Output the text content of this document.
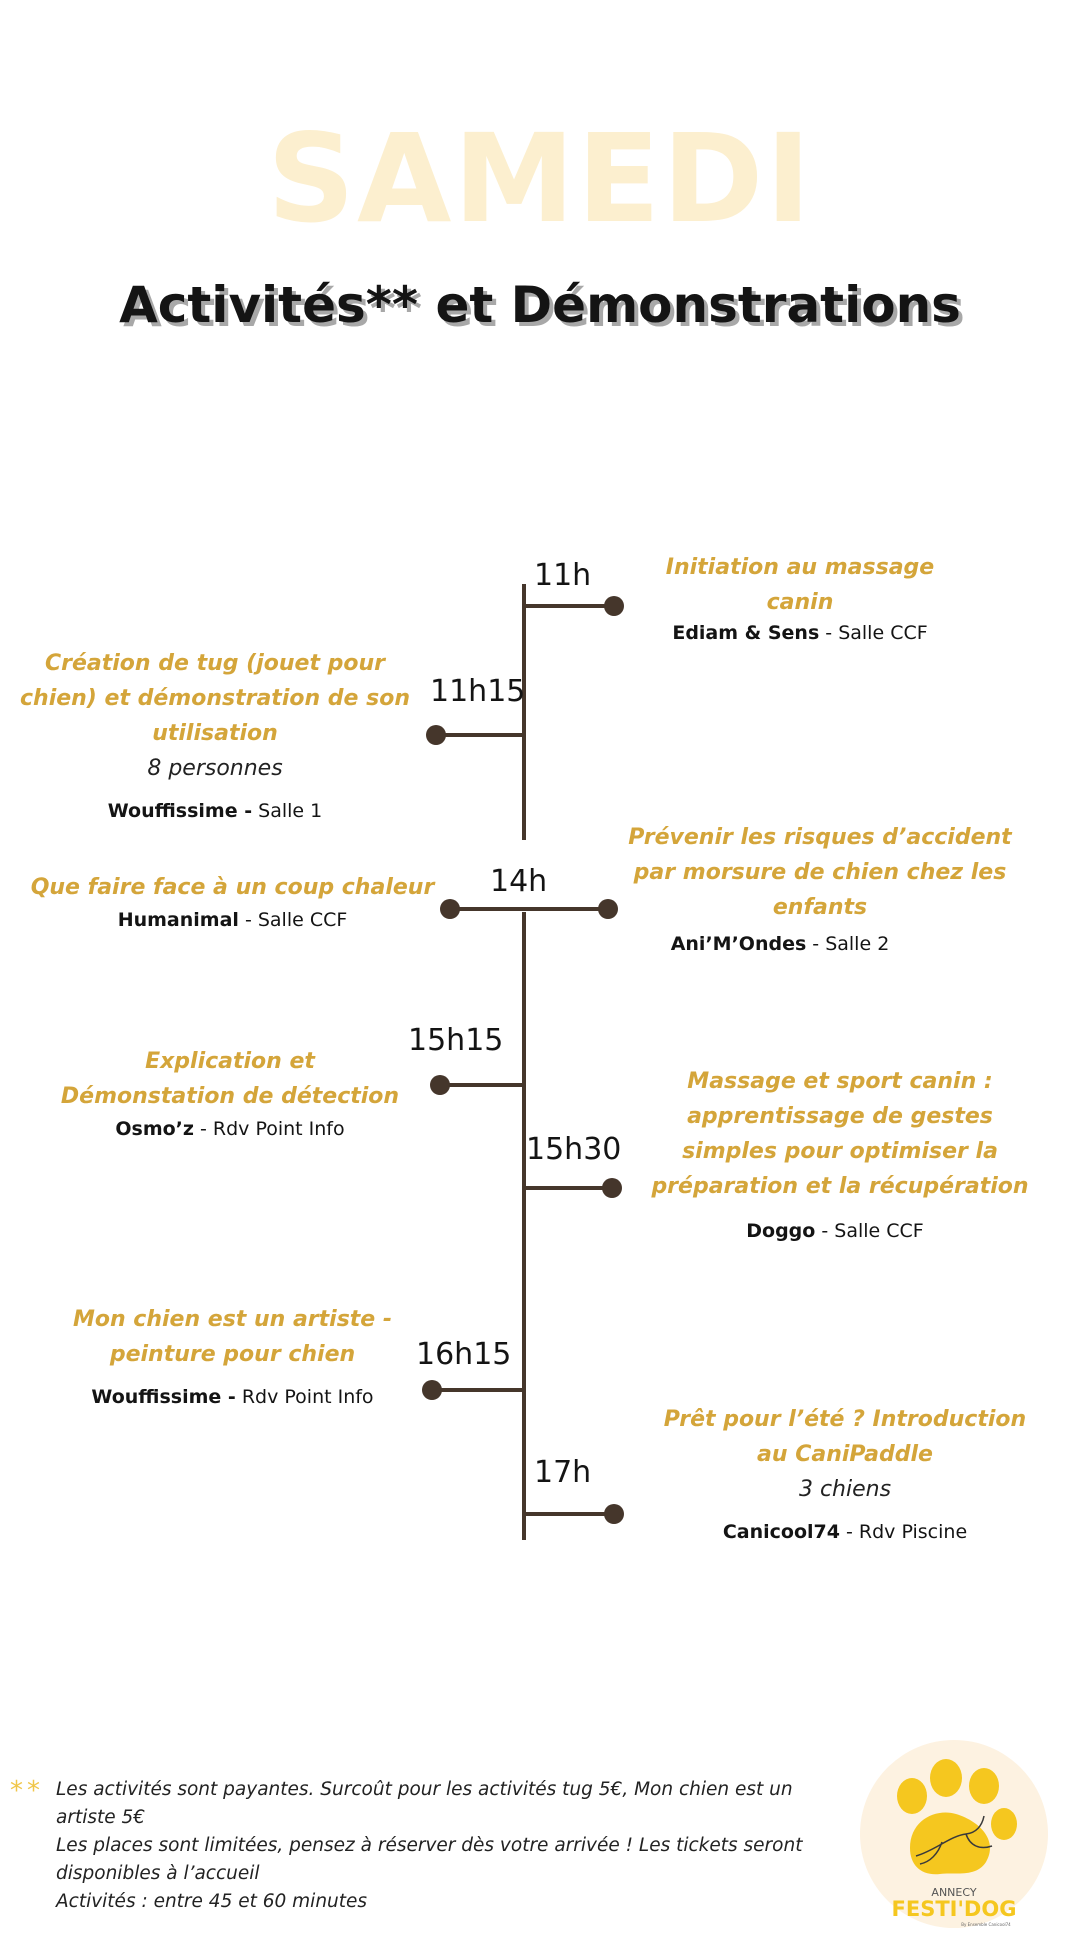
SAMEDI
Activités** et Démonstrations
11h
11h15
14h
15h15
15h30
16h15
17h
Initiation au massage canin
Ediam & Sens - Salle CCF
Création de tug (jouet pour chien) et démonstration de son utilisation
8 personnes
Wouffissime - Salle 1
Que faire face à un coup chaleur
Humanimal - Salle CCF
Prévenir les risques d’accident par morsure de chien chez les enfants
Ani’M’Ondes - Salle 2
Explication et Démonstation de détection
Osmo’z - Rdv Point Info
Massage et sport canin : apprentissage de gestes simples pour optimiser la préparation et la récupération
Doggo - Salle CCF
Mon chien est un artiste - peinture pour chien
Wouffissime - Rdv Point Info
Prêt pour l’été ? Introduction au CaniPaddle
3 chiens
Canicool74 - Rdv Piscine
** Les activités sont payantes. Surcoût pour les activités tug 5€, Mon chien est un artiste 5€
Les places sont limitées, pensez à réserver dès votre arrivée ! Les tickets seront disponibles à l’accueil
Activités : entre 45 et 60 minutes	ANNECY
FESTI'DOG
By Ensemble Canicool74
